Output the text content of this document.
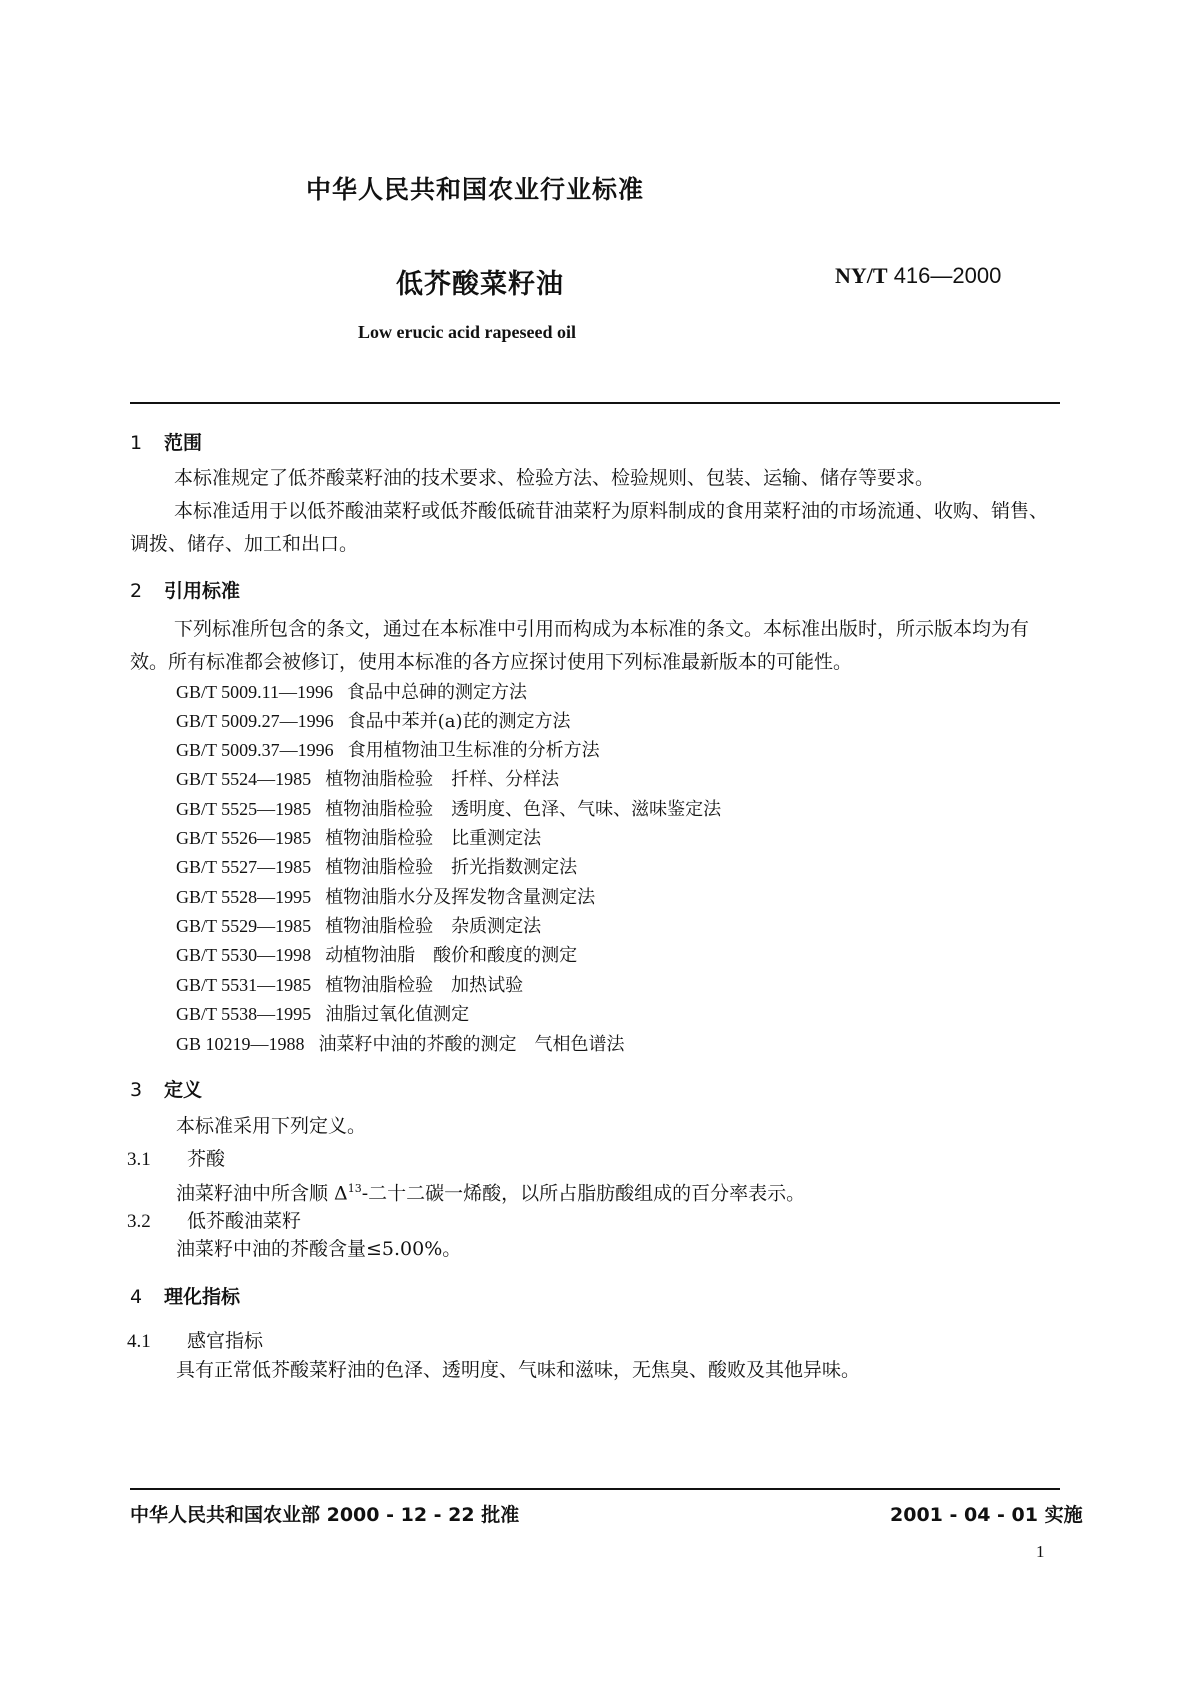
中华人民共和国农业行业标准
低芥酸菜籽油	NY/T 416—2000
Low erucic acid rapeseed oil
1 范围
本标准规定了低芥酸菜籽油的技术要求、检验方法、检验规则、包装、运输、储存等要求。
本标准适用于以低芥酸油菜籽或低芥酸低硫苷油菜籽为原料制成的食用菜籽油的市场流通、收购、销售、调拨、储存、加工和出口。
2 引用标准
下列标准所包含的条文，通过在本标准中引用而构成为本标准的条文。本标准出版时，所示版本均为有效。所有标准都会被修订，使用本标准的各方应探讨使用下列标准最新版本的可能性。
GB/T 5009.11—1996 食品中总砷的测定方法
GB/T 5009.27—1996 食品中苯并(a)芘的测定方法
GB/T 5009.37—1996 食用植物油卫生标准的分析方法
GB/T 5524—1985 植物油脂检验　扦样、分样法
GB/T 5525—1985 植物油脂检验　透明度、色泽、气味、滋味鉴定法
GB/T 5526—1985 植物油脂检验　比重测定法
GB/T 5527—1985 植物油脂检验　折光指数测定法
GB/T 5528—1995 植物油脂水分及挥发物含量测定法
GB/T 5529—1985 植物油脂检验　杂质测定法
GB/T 5530—1998 动植物油脂　酸价和酸度的测定
GB/T 5531—1985 植物油脂检验　加热试验
GB/T 5538—1995 油脂过氧化值测定
GB 10219—1988 油菜籽中油的芥酸的测定　气相色谱法
3 定义
本标准采用下列定义。
3.1 芥酸
油菜籽油中所含顺 $\Delta^{13}-$二十二碳一烯酸，以所占脂肪酸组成的百分率表示。
3.2 低芥酸油菜籽
油菜籽中油的芥酸含量≤5.00%。
4 理化指标
4.1 感官指标
具有正常低芥酸菜籽油的色泽、透明度、气味和滋味，无焦臭、酸败及其他异味。
中华人民共和国农业部 2000 - 12 - 22 批准	2001 - 04 - 01 实施
1
